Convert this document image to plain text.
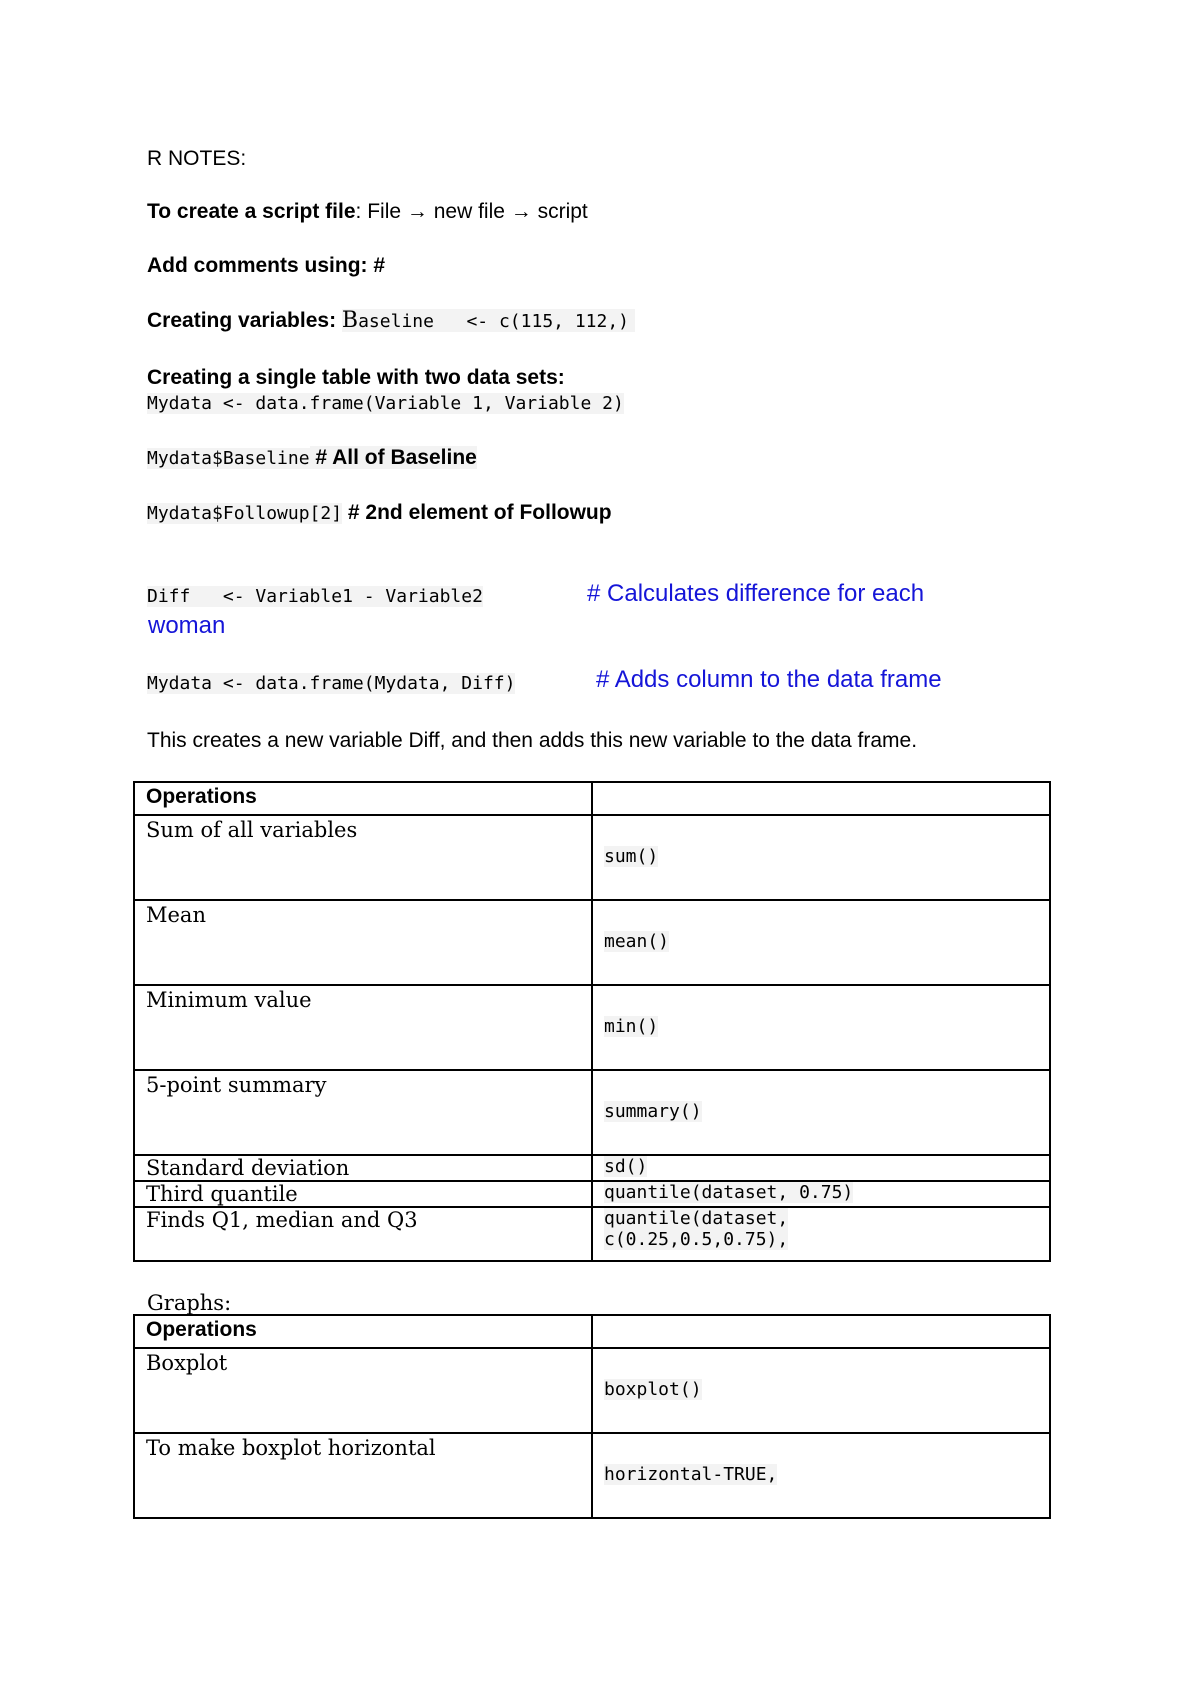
R NOTES:
To create a script file: File → new file → script
Add comments using: #
Creating variables: Baseline   <- c(115, 112,)
Creating a single table with two data sets:
Mydata <- data.frame(Variable 1, Variable 2)
Mydata$Baseline # All of Baseline
Mydata$Followup[2] # 2nd element of Followup
Diff   <- Variable1 - Variable2	# Calculates difference for each
woman
Mydata <- data.frame(Mydata, Diff)	# Adds column to the data frame
This creates a new variable Diff, and then adds this new variable to the data frame.
Operations	
Sum of all variables	sum()
Mean	mean()
Minimum value	min()
5-point summary	summary()
Standard deviation	sd()
Third quantile	quantile(dataset, 0.75)
Finds Q1, median and Q3	quantile(dataset,
c(0.25,0.5,0.75),
Graphs:
Operations	
Boxplot	boxplot()
To make boxplot horizontal	horizontal-TRUE,
